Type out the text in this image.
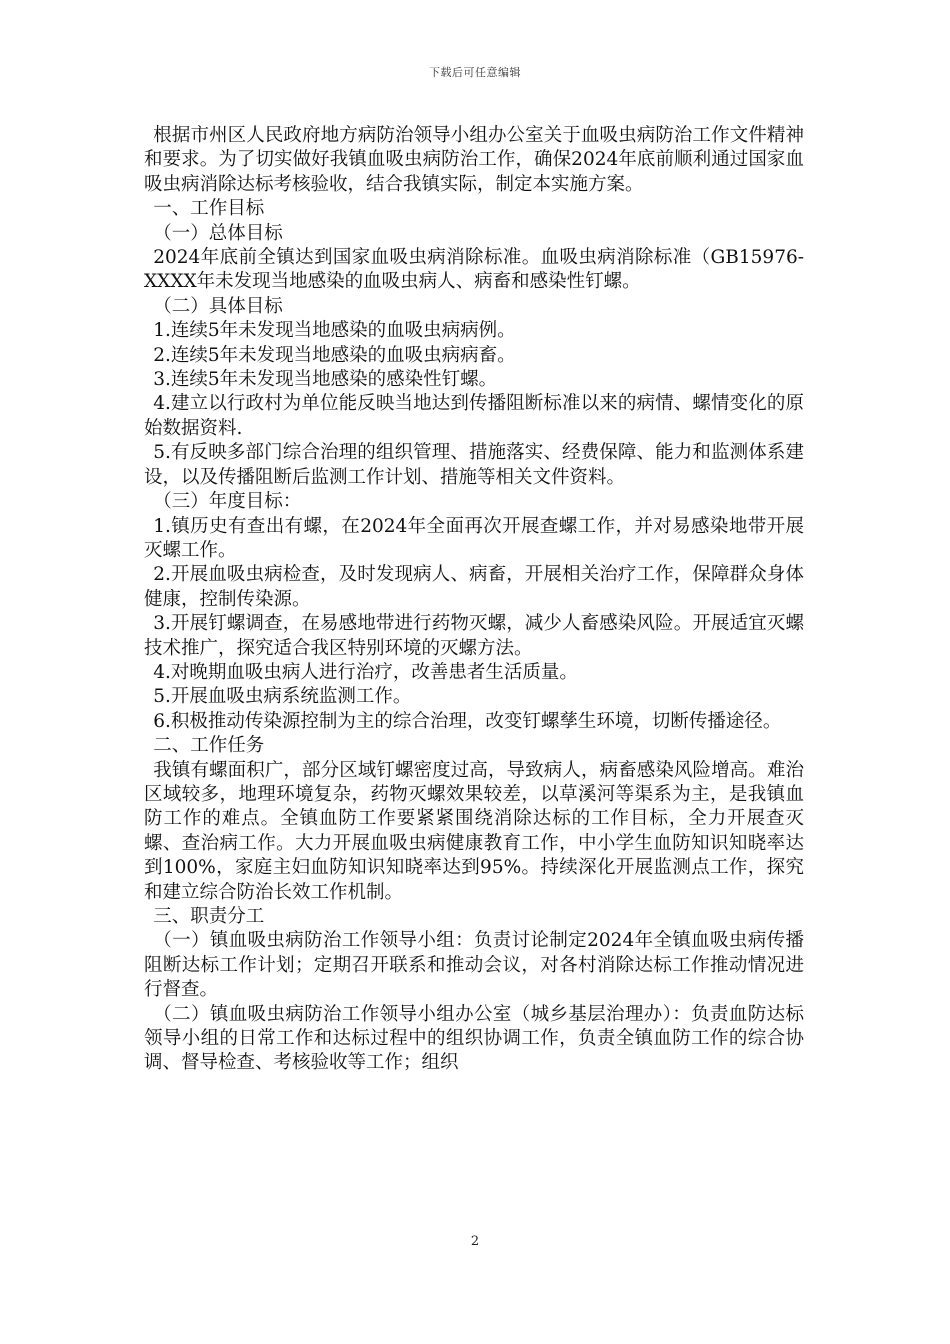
下载后可任意编辑

根据市州区人民政府地方病防治领导小组办公室关于血吸虫病防治工作文件精神和要求。为了切实做好我镇血吸虫病防治工作，确保2024年底前顺利通过国家血吸虫病消除达标考核验收，结合我镇实际，制定本实施方案。

一、工作目标

（一）总体目标

2024年底前全镇达到国家血吸虫病消除标准。血吸虫病消除标准（GB15976-XXXX年未发现当地感染的血吸虫病人、病畜和感染性钉螺。

（二）具体目标

1.连续5年未发现当地感染的血吸虫病病例。

2.连续5年未发现当地感染的血吸虫病病畜。

3.连续5年未发现当地感染的感染性钉螺。

4.建立以行政村为单位能反映当地达到传播阻断标准以来的病情、螺情变化的原始数据资料.

5.有反映多部门综合治理的组织管理、措施落实、经费保障、能力和监测体系建设，以及传播阻断后监测工作计划、措施等相关文件资料。

（三）年度目标：

1.镇历史有查出有螺，在2024年全面再次开展查螺工作，并对易感染地带开展灭螺工作。

2.开展血吸虫病检查，及时发现病人、病畜，开展相关治疗工作，保障群众身体健康，控制传染源。

3.开展钉螺调查，在易感地带进行药物灭螺，减少人畜感染风险。开展适宜灭螺技术推广，探究适合我区特别环境的灭螺方法。

4.对晚期血吸虫病人进行治疗，改善患者生活质量。

5.开展血吸虫病系统监测工作。

6.积极推动传染源控制为主的综合治理，改变钉螺孳生环境，切断传播途径。

二、工作任务

我镇有螺面积广，部分区域钉螺密度过高，导致病人，病畜感染风险增高。难治区域较多，地理环境复杂，药物灭螺效果较差，以草溪河等渠系为主，是我镇血防工作的难点。全镇血防工作要紧紧围绕消除达标的工作目标，全力开展查灭螺、查治病工作。大力开展血吸虫病健康教育工作，中小学生血防知识知晓率达到100%，家庭主妇血防知识知晓率达到95%。持续深化开展监测点工作，探究和建立综合防治长效工作机制。

三、职责分工

（一）镇血吸虫病防治工作领导小组：负责讨论制定2024年全镇血吸虫病传播阻断达标工作计划；定期召开联系和推动会议，对各村消除达标工作推动情况进行督查。

（二）镇血吸虫病防治工作领导小组办公室（城乡基层治理办）：负责血防达标领导小组的日常工作和达标过程中的组织协调工作，负责全镇血防工作的综合协调、督导检查、考核验收等工作；组织

2
